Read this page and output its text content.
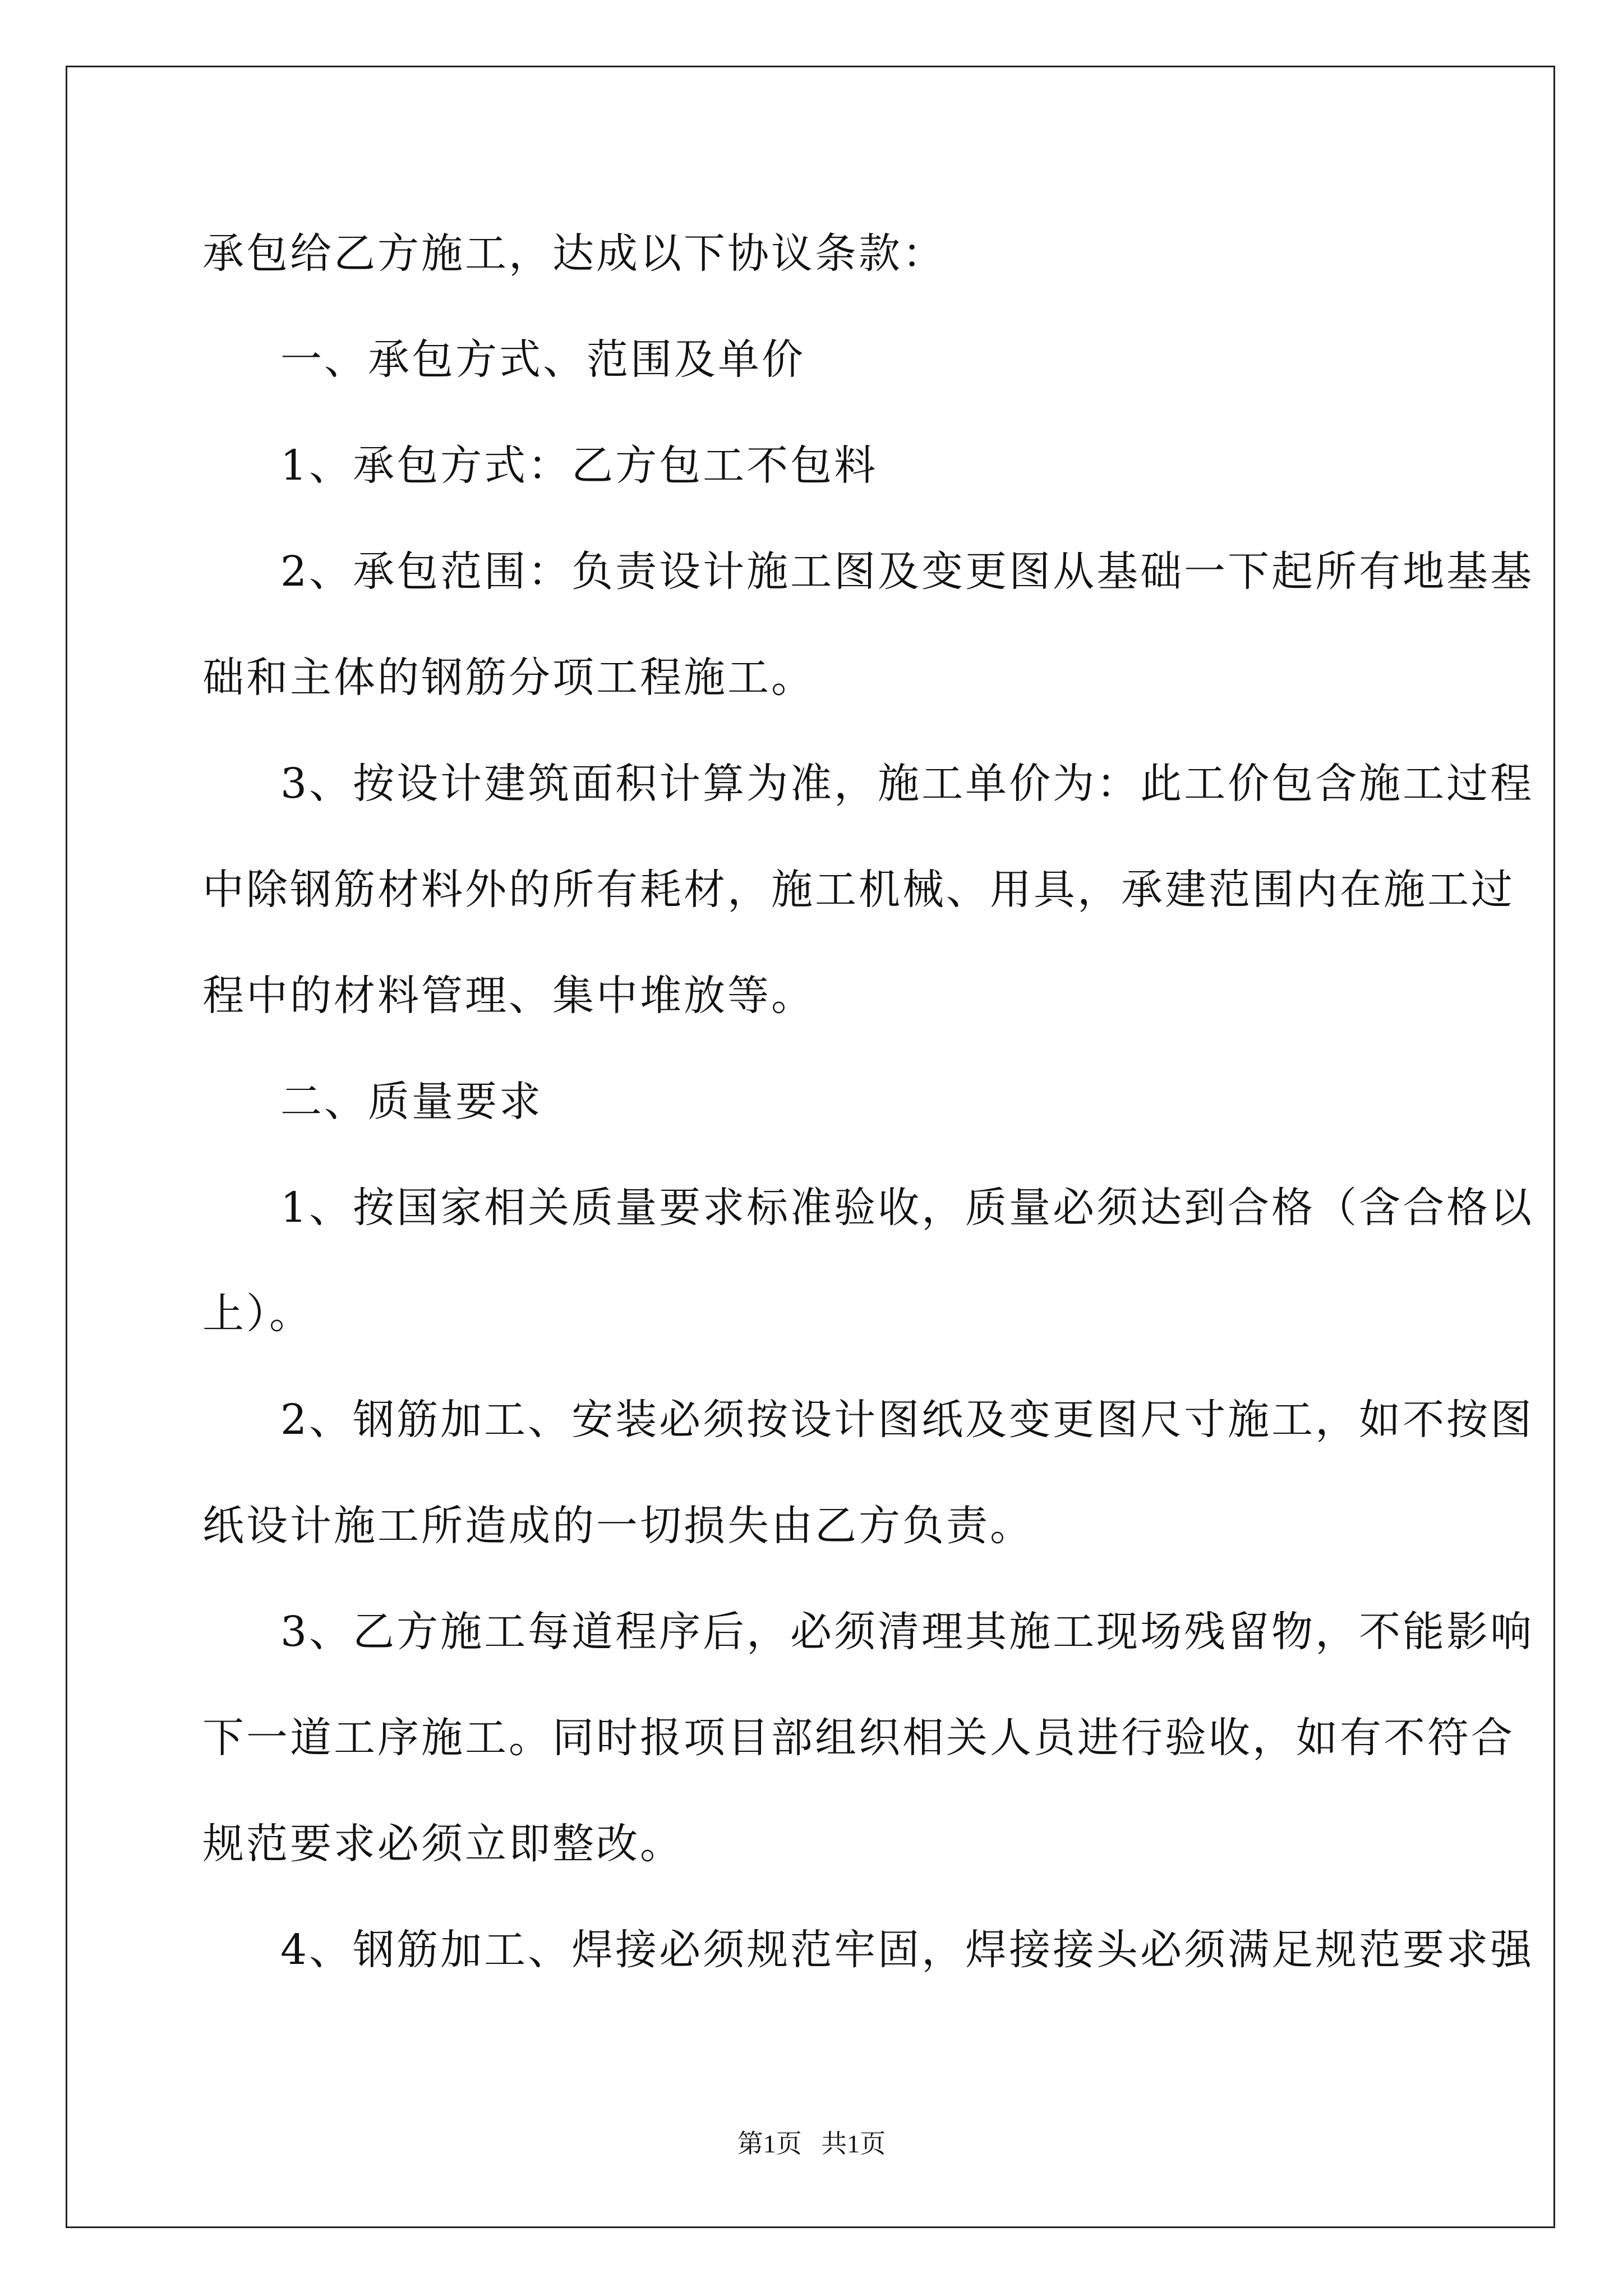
承包给乙方施工，达成以下协议条款：
一、承包方式、范围及单价
1、承包方式：乙方包工不包料
2、承包范围：负责设计施工图及变更图从基础一下起所有地基基
础和主体的钢筋分项工程施工。
3、按设计建筑面积计算为准，施工单价为：此工价包含施工过程
中除钢筋材料外的所有耗材，施工机械、用具，承建范围内在施工过
程中的材料管理、集中堆放等。
二、质量要求
1、按国家相关质量要求标准验收，质量必须达到合格（含合格以
上）。
2、钢筋加工、安装必须按设计图纸及变更图尺寸施工，如不按图
纸设计施工所造成的一切损失由乙方负责。
3、乙方施工每道程序后，必须清理其施工现场残留物，不能影响
下一道工序施工。同时报项目部组织相关人员进行验收，如有不符合
规范要求必须立即整改。
4、钢筋加工、焊接必须规范牢固，焊接接头必须满足规范要求强
第1页   共1页
